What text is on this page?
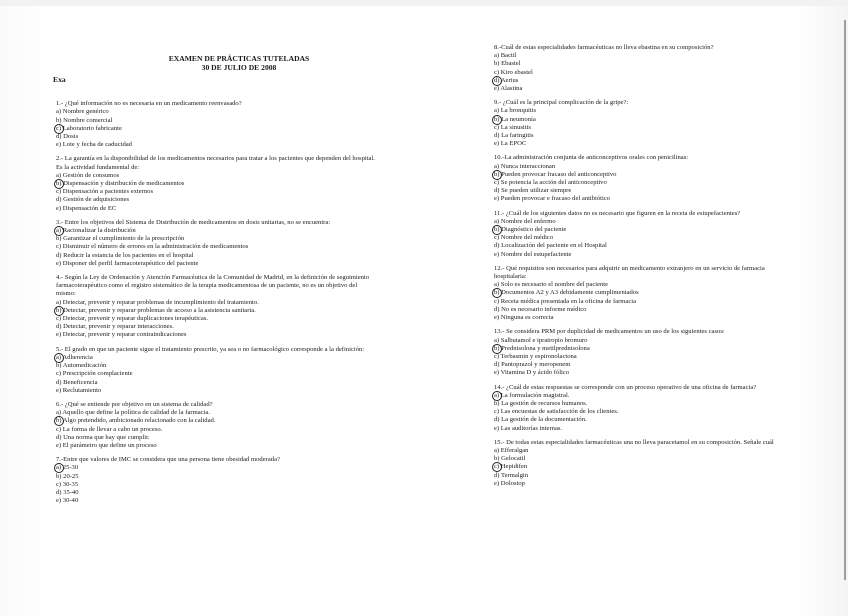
EXAMEN DE PRÁCTICAS TUTELADAS
30 DE JULIO DE 2008
Exa
1.- ¿Qué información no es necesaria en un medicamento reenvasado?
a) Nombre genérico
b) Nombre comercial
c) Laboratorio fabricante
d) Dosis
e) Lote y fecha de caducidad
2.- La garantía en la disponibilidad de los medicamentos necesarios para tratar a los pacientes que dependen del hospital. Es la actividad fundamental de:
a) Gestión de consumos
b) Dispensación y distribución de medicamentos
c) Dispensación a pacientes externos
d) Gestión de adquisiciones
e) Dispensación de EC
3.- Entre los objetivos del Sistema de Distribución de medicamentos en dosis unitarias, no se encuentra:
a) Racionalizar la distribución
b) Garantizar el cumplimiento de la prescripción
c) Disminuir el número de errores en la administración de medicamentos
d) Reducir la estancia de los pacientes en el hospital
e) Disponer del perfil farmacoterapéutico del paciente
4.- Según la Ley de Ordenación y Atención Farmacéutica de la Comunidad de Madrid, en la definición de seguimiento farmacoterapéutico como el registro sistemático de la terapia medicamentosa de un paciente, no es un objetivo del mismo:
a) Detectar, prevenir y reparar problemas de incumplimiento del tratamiento.
b) Detectar, prevenir y reparar problemas de acceso a la asistencia sanitaria.
c) Detectar, prevenir y reparar duplicaciones terapéuticas.
d) Detectar, prevenir y reparar interacciones.
e) Detectar, prevenir y reparar contraindicaciones
5.- El grado en que un paciente sigue el tratamiento prescrito, ya sea o no farmacológico corresponde a la definición:
a) Adherencia
b) Automedicación
c) Prescripción complaciente
d) Beneficencia
e) Reclutamiento
6.- ¿Qué se entiende por objetivo en un sistema de calidad?
a) Aquello que define la política de calidad de la farmacia.
b) Algo pretendido, ambicionado relacionado con la calidad.
c) La forma de llevar a cabo un proceso.
d) Una norma que hay que cumplir.
e) El parámetro que define un proceso
7.-Entre que valores de IMC se considera que una persona tiene obesidad moderada?
a) 25-30
b) 20-25
c) 30-35
d) 35-40
e) 30-40
8.-Cuál de estas especialidades farmacéuticas no lleva ebastina en su composición?
a) Bactil
b) Ebastel
c) Kiro ebastel
d) Aerius
e) Alastina
9.- ¿Cuál es la principal complicación de la gripe?:
a) La bronquitis
b) La neumonía
c) La sinusitis
d) La faringitis
e) La EPOC
10.-La administración conjunta de anticonceptivos orales con penicilinas:
a) Nunca interaccionan
b) Pueden provocar fracaso del anticonceptivo
c) Se potencia la acción del anticonceptivo
d) Se pueden utilizar siempre
e) Pueden provocar e fracaso del antibiótico
11.- ¿Cuál de los siguientes datos no es necesario que figuren en la receta de estupefacientes?
a) Nombre del enfermo
b) Diagnóstico del paciente
c) Nombre del médico
d) Localización del paciente en el Hospital
e) Nombre del estupefaciente
12.- Qué requisitos son necesarios para adquirir un medicamento extranjero en un servicio de farmacia hospitalaria:
a) Solo es necesario el nombre del paciente
b) Documentos A2 y A3 debidamente cumplimentados
c) Receta médica presentada en la oficina de farmacia
d) No es necesario informe médico
e) Ninguna es correcta
13.- Se considera PRM por duplicidad de medicamentos un uso de los siguientes casos:
a) Salbutamol e ipratropio bromuro
b) Prednisolona y metilprednisolona
c) Terbasmin y espironolactona
d) Pantoprazol y meropenem
e) Vitamina D y ácido fólico
14.- ¿Cuál de estas respuestas se corresponde con un proceso operativo de una oficina de farmacia?
a) La formulación magistral.
b) La gestión de recursos humanos.
c) Las encuestas de satisfacción de los clientes.
d) La gestión de la documentación.
e) Las auditorías internas.
15.- De todas estas especialidades farmacéuticas una no lleva paracetamol en su composición. Señale cuál
a) Efferalgan
b) Gelocatil
c) Hepidifen
d) Termalgin
e) Dolostop
